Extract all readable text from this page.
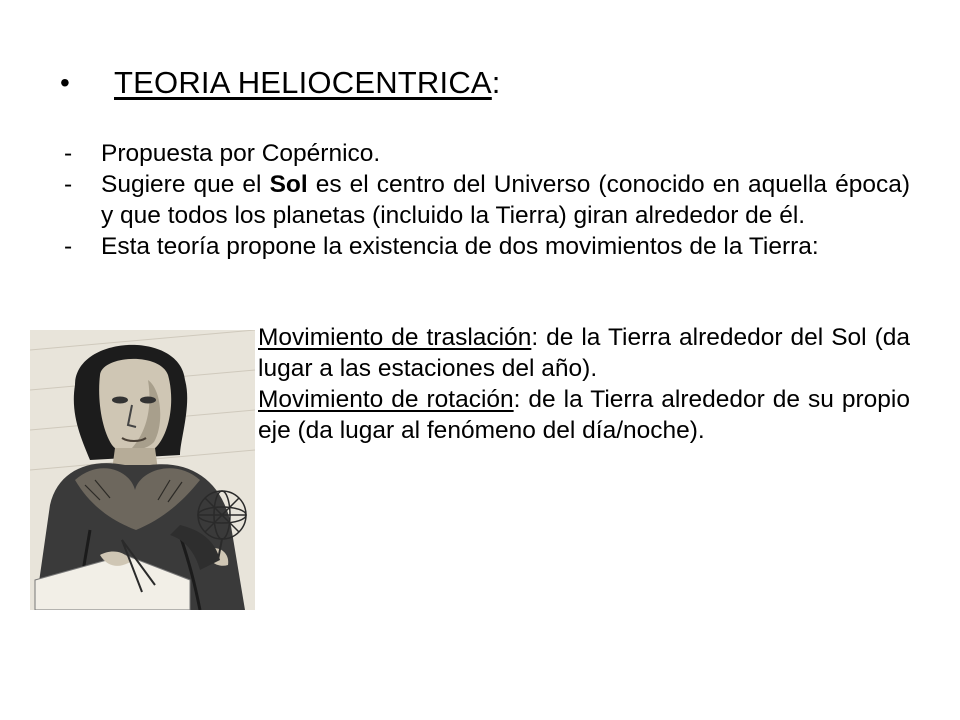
•	TEORIA HELIOCENTRICA:
-	Propuesta por Copérnico.
-	Sugiere que el Sol es el centro del Universo (conocido en aquella época) y que todos los planetas (incluido la Tierra) giran alrededor de él.
-	Esta teoría propone la existencia de dos movimientos de la Tierra:
Movimiento de traslación: de la Tierra alrededor del Sol (da lugar a las estaciones del año).
Movimiento de rotación: de la Tierra alrededor de su propio eje (da lugar al fenómeno del día/noche).
